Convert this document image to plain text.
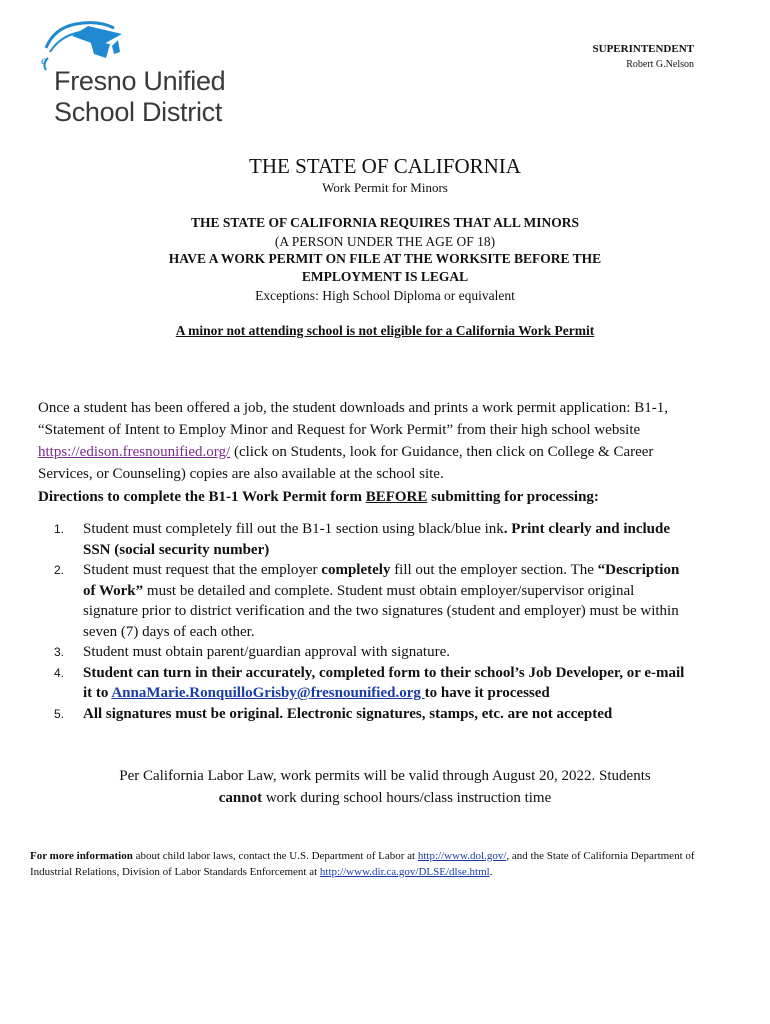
e
Fresno Unified
School District
SUPERINTENDENT
Robert G.Nelson
THE STATE OF CALIFORNIA
Work Permit for Minors
THE STATE OF CALIFORNIA REQUIRES THAT ALL MINORS
(A PERSON UNDER THE AGE OF 18)
HAVE A WORK PERMIT ON FILE AT THE WORKSITE BEFORE THE
EMPLOYMENT IS LEGAL
Exceptions: High School Diploma or equivalent
A minor not attending school is not eligible for a California Work Permit
Once a student has been offered a job, the student downloads and prints a work permit application: B1-1, “Statement of Intent to Employ Minor and Request for Work Permit” from their high school website https://edison.fresnounified.org/ (click on Students, look for Guidance, then click on College & Career Services, or Counseling) copies are also available at the school site.
Directions to complete the B1-1 Work Permit form BEFORE submitting for processing:
1. Student must completely fill out the B1-1 section using black/blue ink. Print clearly and include SSN (social security number)
2. Student must request that the employer completely fill out the employer section. The “Description of Work” must be detailed and complete. Student must obtain employer/supervisor original signature prior to district verification and the two signatures (student and employer) must be within seven (7) days of each other.
3. Student must obtain parent/guardian approval with signature.
4. Student can turn in their accurately, completed form to their school’s Job Developer, or e-mail it to AnnaMarie.RonquilloGrisby@fresnounified.org to have it processed
5. All signatures must be original. Electronic signatures, stamps, etc. are not accepted
Per California Labor Law, work permits will be valid through August 20, 2022. Students
cannot work during school hours/class instruction time
For more information about child labor laws, contact the U.S. Department of Labor at http://www.dol.gov/, and the State of California Department of Industrial Relations, Division of Labor Standards Enforcement at http://www.dir.ca.gov/DLSE/dlse.html.
